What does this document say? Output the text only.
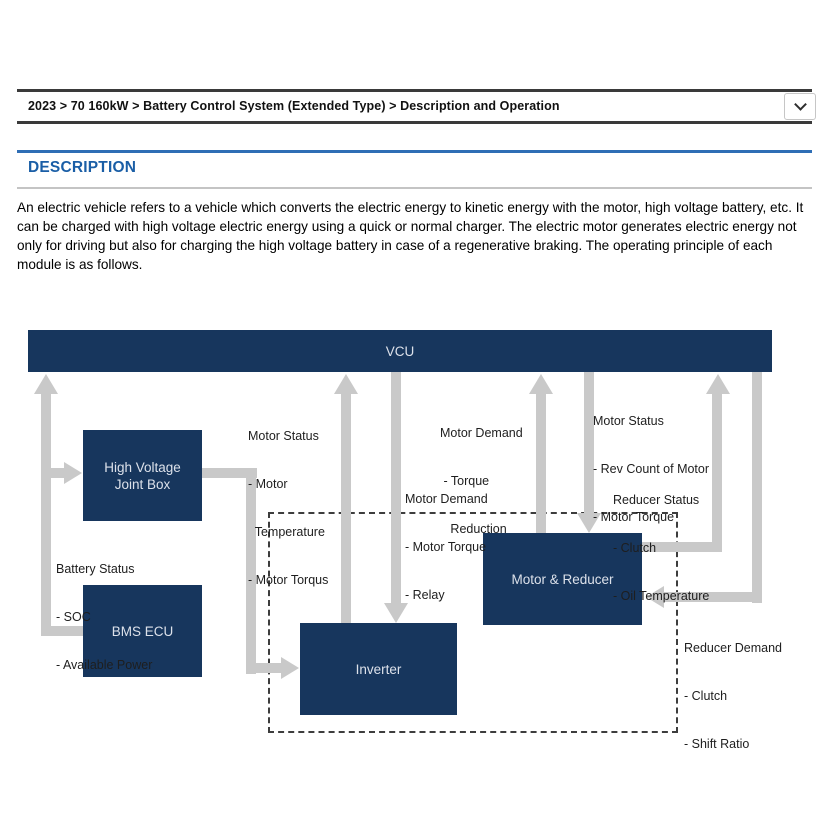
2023 > 70 160kW > Battery Control System (Extended Type) > Description and Operation
DESCRIPTION
An electric vehicle refers to a vehicle which converts the electric energy to kinetic energy with the motor, high voltage battery, etc. It can be charged with high voltage electric energy using a quick or normal charger. The electric motor generates electric energy not only for driving but also for charging the high voltage battery in case of a regenerative braking. The operating principle of each module is as follows.
VCU
High Voltage Joint Box
BMS ECU
Inverter
Motor & Reducer

Motor Status

- Motor

Temperature

- Motor Torqus

Motor Demand

- Torque

Reduction

Motor Demand

- Motor Torque

- Relay

Motor Status

- Rev Count of Motor

- Motor Torque

Reducer Status

- Clutch

- Oil Temperature

Battery Status

- SOC

- Available Power

Reducer Demand

- Clutch

- Shift Ratio
